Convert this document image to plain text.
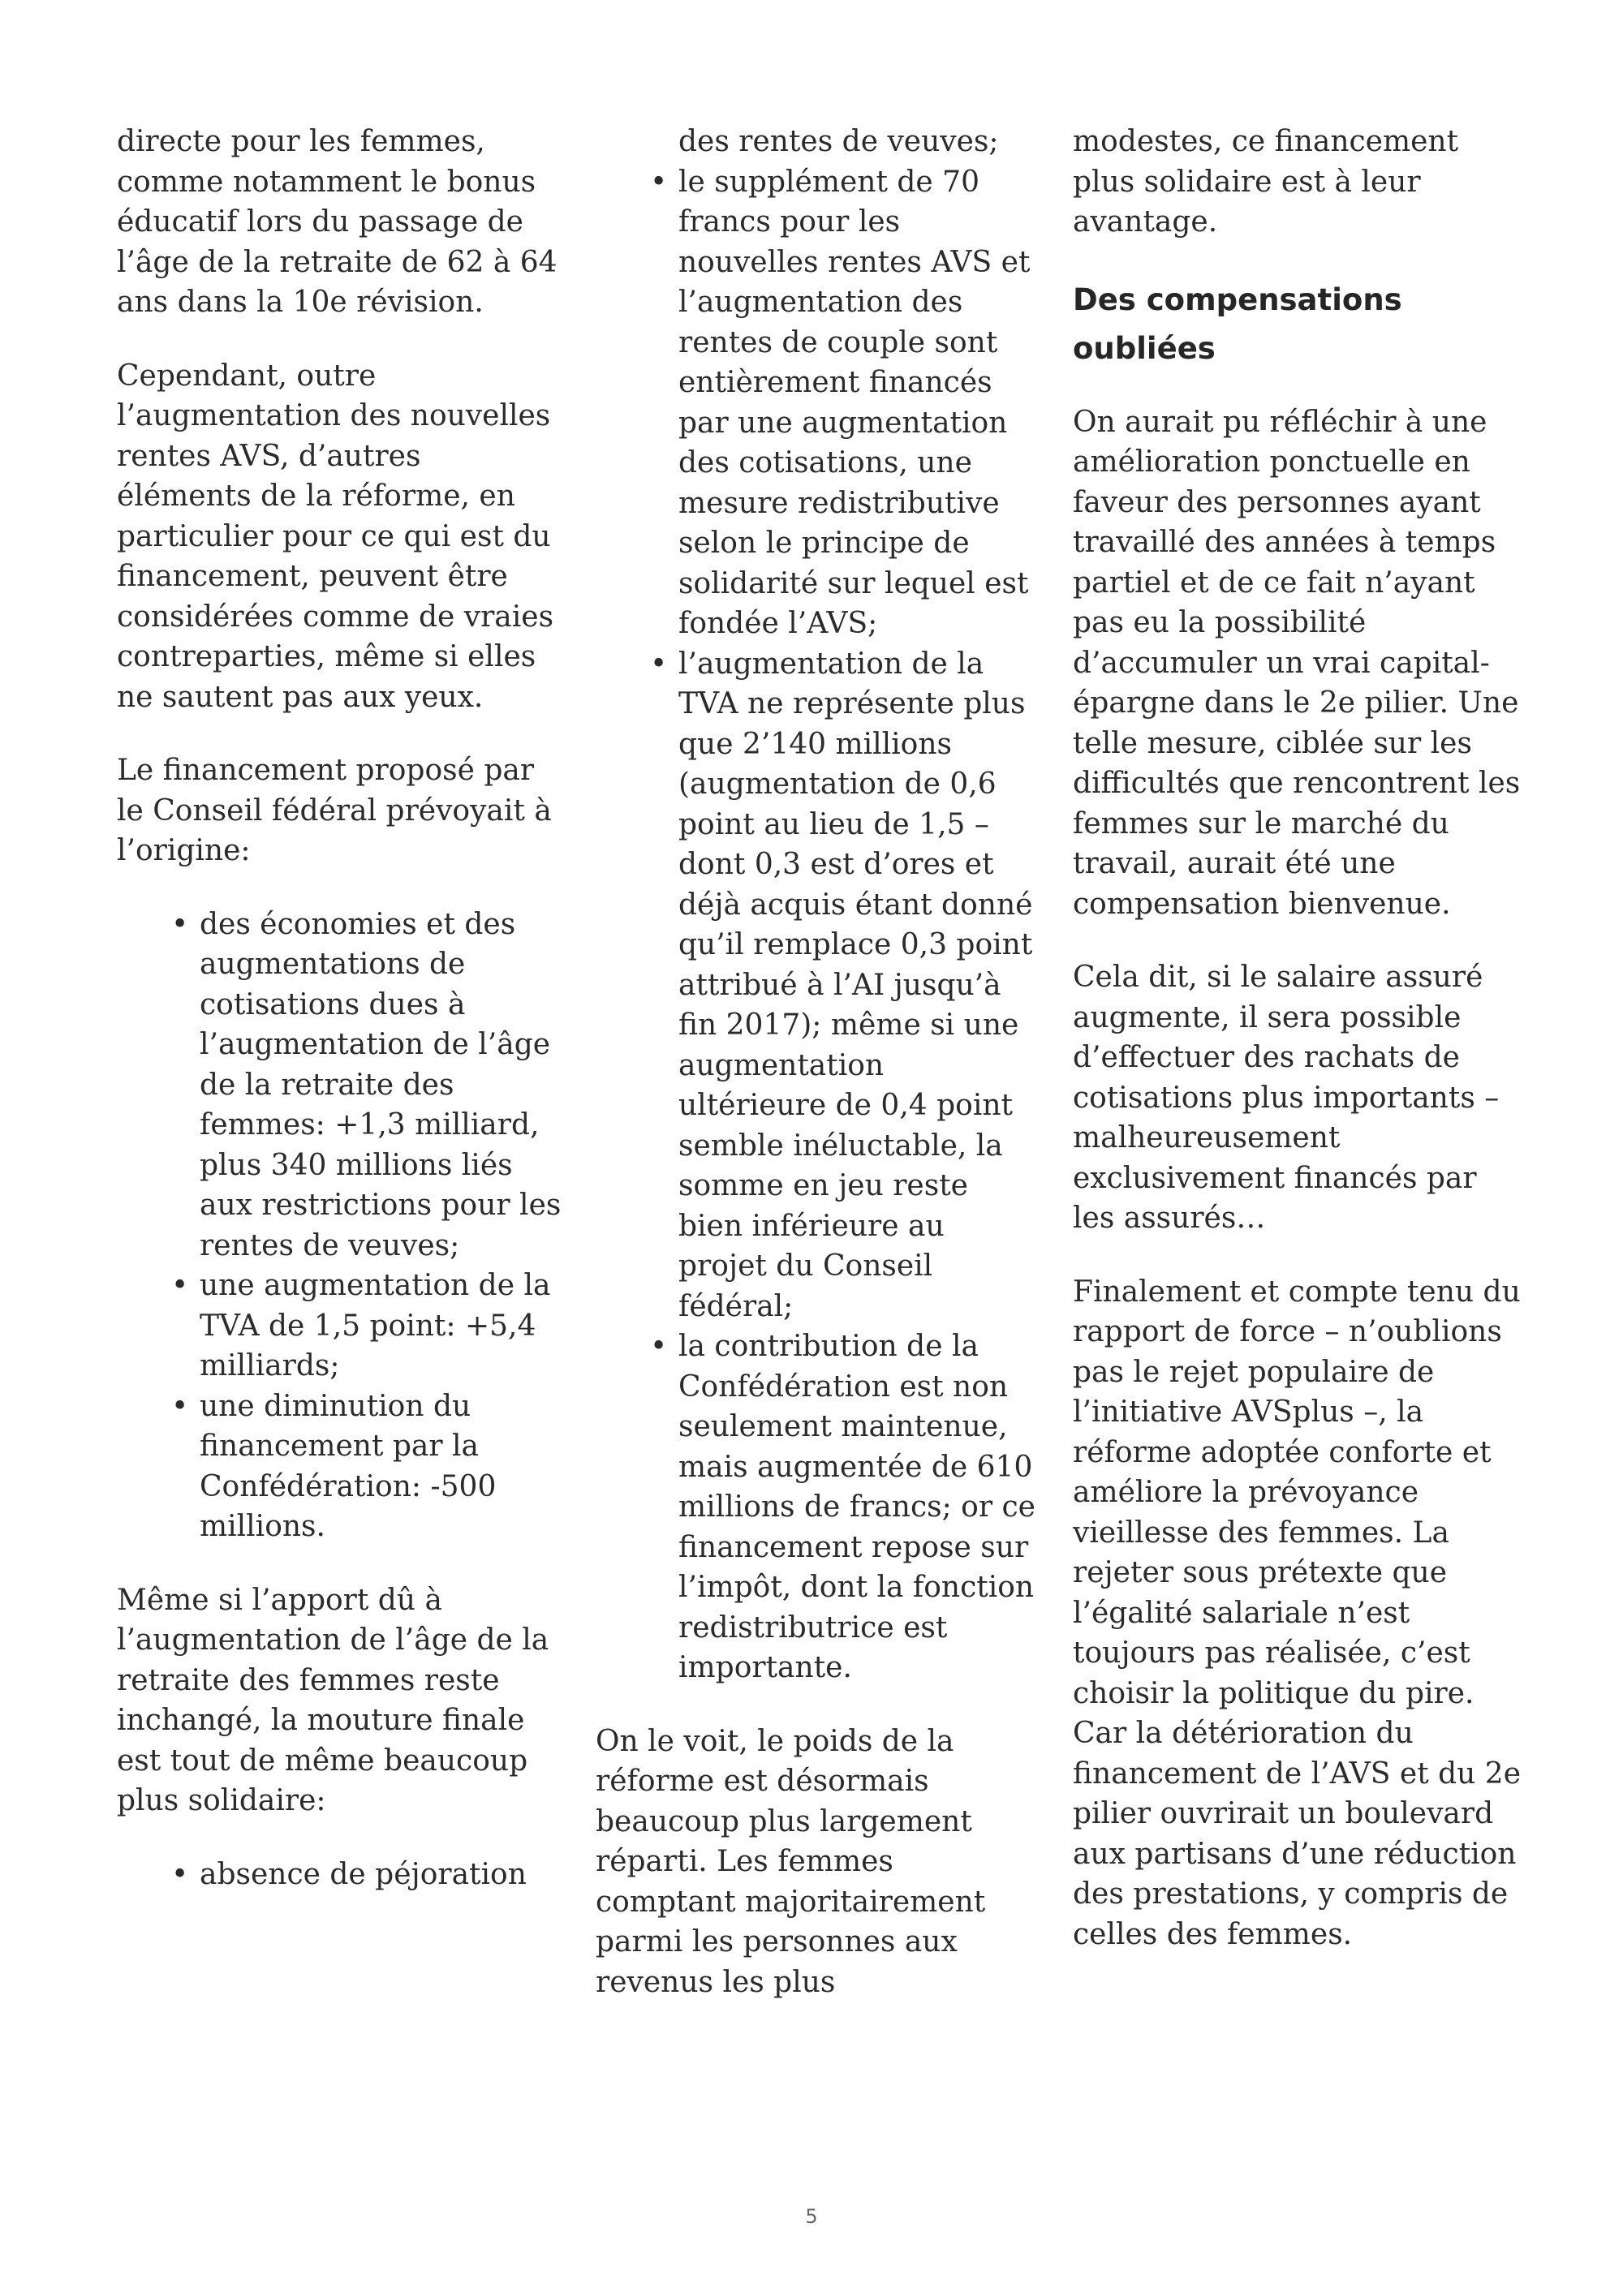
directe pour les femmes, comme notamment le bonus éducatif lors du passage de l’âge de la retraite de 62 à 64 ans dans la 10e révision.

Cependant, outre l’augmentation des nouvelles rentes AVS, d’autres éléments de la réforme, en particulier pour ce qui est du financement, peuvent être considérées comme de vraies contreparties, même si elles ne sautent pas aux yeux.

Le financement proposé par le Conseil fédéral prévoyait à l’origine:

• des économies et des augmentations de cotisations dues à l’augmentation de l’âge de la retraite des femmes: +1,3 milliard, plus 340 millions liés aux restrictions pour les rentes de veuves;
• une augmentation de la TVA de 1,5 point: +5,4 milliards;
• une diminution du financement par la Confédération: -500 millions.

Même si l’apport dû à l’augmentation de l’âge de la retraite des femmes reste inchangé, la mouture finale est tout de même beaucoup plus solidaire:

• absence de péjoration
des rentes de veuves;
• le supplément de 70 francs pour les nouvelles rentes AVS et l’augmentation des rentes de couple sont entièrement financés par une augmentation des cotisations, une mesure redistributive selon le principe de solidarité sur lequel est fondée l’AVS;
• l’augmentation de la TVA ne représente plus que 2’140 millions (augmentation de 0,6 point au lieu de 1,5 – dont 0,3 est d’ores et déjà acquis étant donné qu’il remplace 0,3 point attribué à l’AI jusqu’à fin 2017); même si une augmentation ultérieure de 0,4 point semble inéluctable, la somme en jeu reste bien inférieure au projet du Conseil fédéral;
• la contribution de la Confédération est non seulement maintenue, mais augmentée de 610 millions de francs; or ce financement repose sur l’impôt, dont la fonction redistributrice est importante.

On le voit, le poids de la réforme est désormais beaucoup plus largement réparti. Les femmes comptant majoritairement parmi les personnes aux revenus les plus

modestes, ce financement plus solidaire est à leur avantage.

Des compensations oubliées

On aurait pu réfléchir à une amélioration ponctuelle en faveur des personnes ayant travaillé des années à temps partiel et de ce fait n’ayant pas eu la possibilité d’accumuler un vrai capital-épargne dans le 2e pilier. Une telle mesure, ciblée sur les difficultés que rencontrent les femmes sur le marché du travail, aurait été une compensation bienvenue.

Cela dit, si le salaire assuré augmente, il sera possible d’effectuer des rachats de cotisations plus importants – malheureusement exclusivement financés par les assurés…

Finalement et compte tenu du rapport de force – n’oublions pas le rejet populaire de l’initiative AVSplus –, la réforme adoptée conforte et améliore la prévoyance vieillesse des femmes. La rejeter sous prétexte que l’égalité salariale n’est toujours pas réalisée, c’est choisir la politique du pire. Car la détérioration du financement de l’AVS et du 2e pilier ouvrirait un boulevard aux partisans d’une réduction des prestations, y compris de celles des femmes.

5
